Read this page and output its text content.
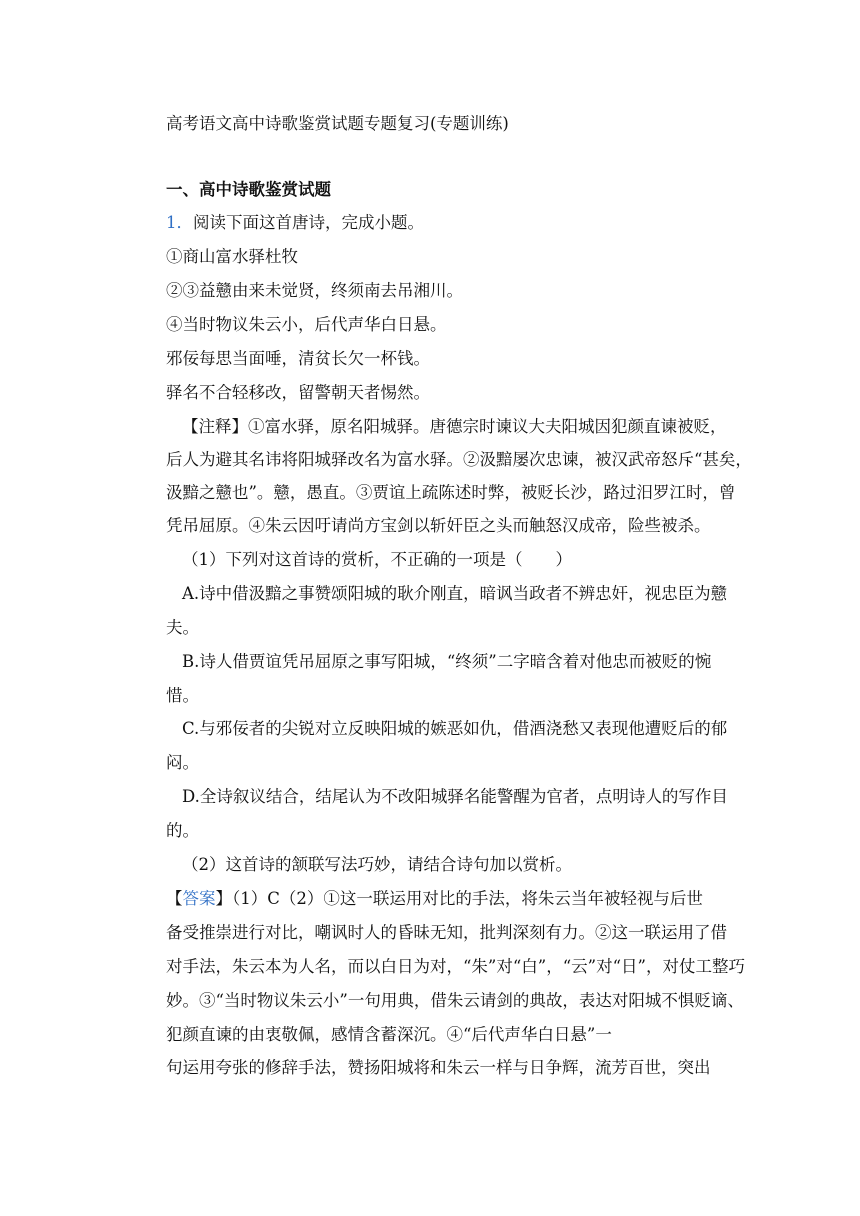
高考语文高中诗歌鉴赏试题专题复习(专题训练)
一、高中诗歌鉴赏试题
1．阅读下面这首唐诗，完成小题。
①商山富水驿杜牧
②③益戆由来未觉贤，终须南去吊湘川。
④当时物议朱云小，后代声华白日悬。
邪佞每思当面唾，清贫长欠一杯钱。
驿名不合轻移改，留警朝天者惕然。
【注释】①富水驿，原名阳城驿。唐德宗时谏议大夫阳城因犯颜直谏被贬，
后人为避其名讳将阳城驿改名为富水驿。②汲黯屡次忠谏，被汉武帝怒斥“甚矣，
汲黯之戆也”。戆，愚直。③贾谊上疏陈述时弊，被贬长沙，路过汨罗江时，曾
凭吊屈原。④朱云因吁请尚方宝剑以斩奸臣之头而触怒汉成帝，险些被杀。
（1）下列对这首诗的赏析，不正确的一项是（　　）
A.诗中借汲黯之事赞颂阳城的耿介刚直，暗讽当政者不辨忠奸，视忠臣为戆
夫。
B.诗人借贾谊凭吊屈原之事写阳城，“终须”二字暗含着对他忠而被贬的惋
惜。
C.与邪佞者的尖锐对立反映阳城的嫉恶如仇，借酒浇愁又表现他遭贬后的郁
闷。
D.全诗叙议结合，结尾认为不改阳城驿名能警醒为官者，点明诗人的写作目
的。
（2）这首诗的颔联写法巧妙，请结合诗句加以赏析。
【答案】（1）C（2）①这一联运用对比的手法，将朱云当年被轻视与后世
备受推崇进行对比，嘲讽时人的昏昧无知，批判深刻有力。②这一联运用了借
对手法，朱云本为人名，而以白日为对，“朱”对“白”，“云”对“日”，对仗工整巧
妙。③“当时物议朱云小”一句用典，借朱云请剑的典故，表达对阳城不惧贬谪、
犯颜直谏的由衷敬佩，感情含蓄深沉。④“后代声华白日悬”一
句运用夸张的修辞手法，赞扬阳城将和朱云一样与日争辉，流芳百世，突出
